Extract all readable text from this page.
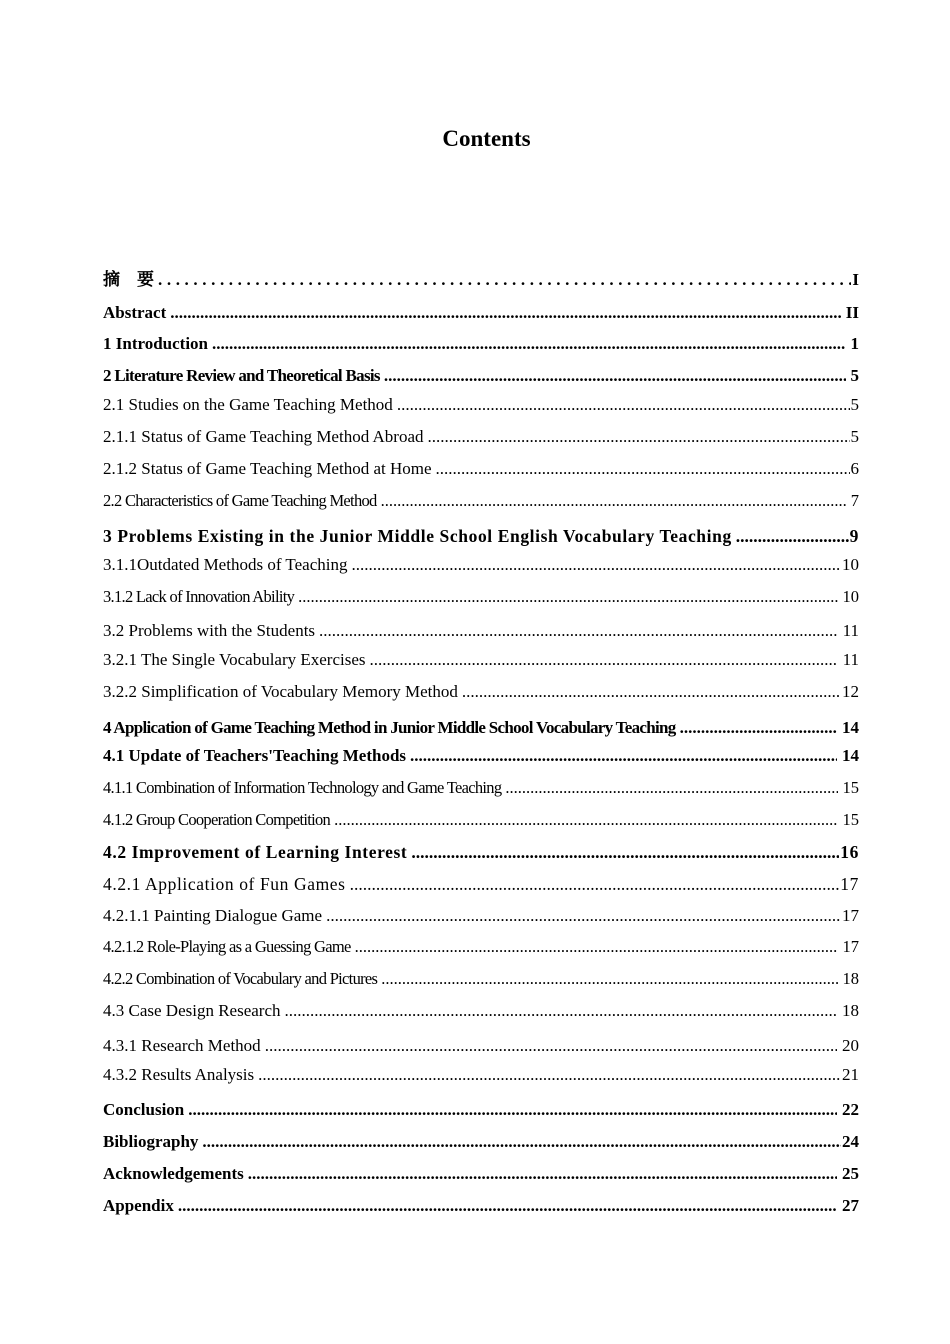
Contents
摘　要 .....	I
Abstract .....	II
1 Introduction .....	1
2 Literature Review and Theoretical Basis .....	5
2.1 Studies on the Game Teaching Method .....	5
2.1.1 Status of Game Teaching Method Abroad .....	5
2.1.2 Status of Game Teaching Method at Home .....	6
2.2 Characteristics of Game Teaching Method .....	7
3 Problems Existing in the Junior Middle School English Vocabulary Teaching .....	9
3.1.1Outdated Methods of Teaching .....	10
3.1.2 Lack of Innovation Ability .....	10
3.2 Problems with the Students .....	11
3.2.1 The Single Vocabulary Exercises .....	11
3.2.2 Simplification of Vocabulary Memory Method .....	12
4 Application of Game Teaching Method in Junior Middle School Vocabulary Teaching .....	14
4.1 Update of Teachers'Teaching Methods .....	14
4.1.1 Combination of Information Technology and Game Teaching .....	15
4.1.2 Group Cooperation Competition .....	15
4.2 Improvement of Learning Interest .....	16
4.2.1 Application of Fun Games .....	17
4.2.1.1 Painting Dialogue Game .....	17
4.2.1.2 Role-Playing as a Guessing Game .....	17
4.2.2 Combination of Vocabulary and Pictures .....	18
4.3 Case Design Research .....	18
4.3.1 Research Method .....	20
4.3.2 Results Analysis .....	21
Conclusion .....	22
Bibliography .....	24
Acknowledgements .....	25
Appendix .....	27
